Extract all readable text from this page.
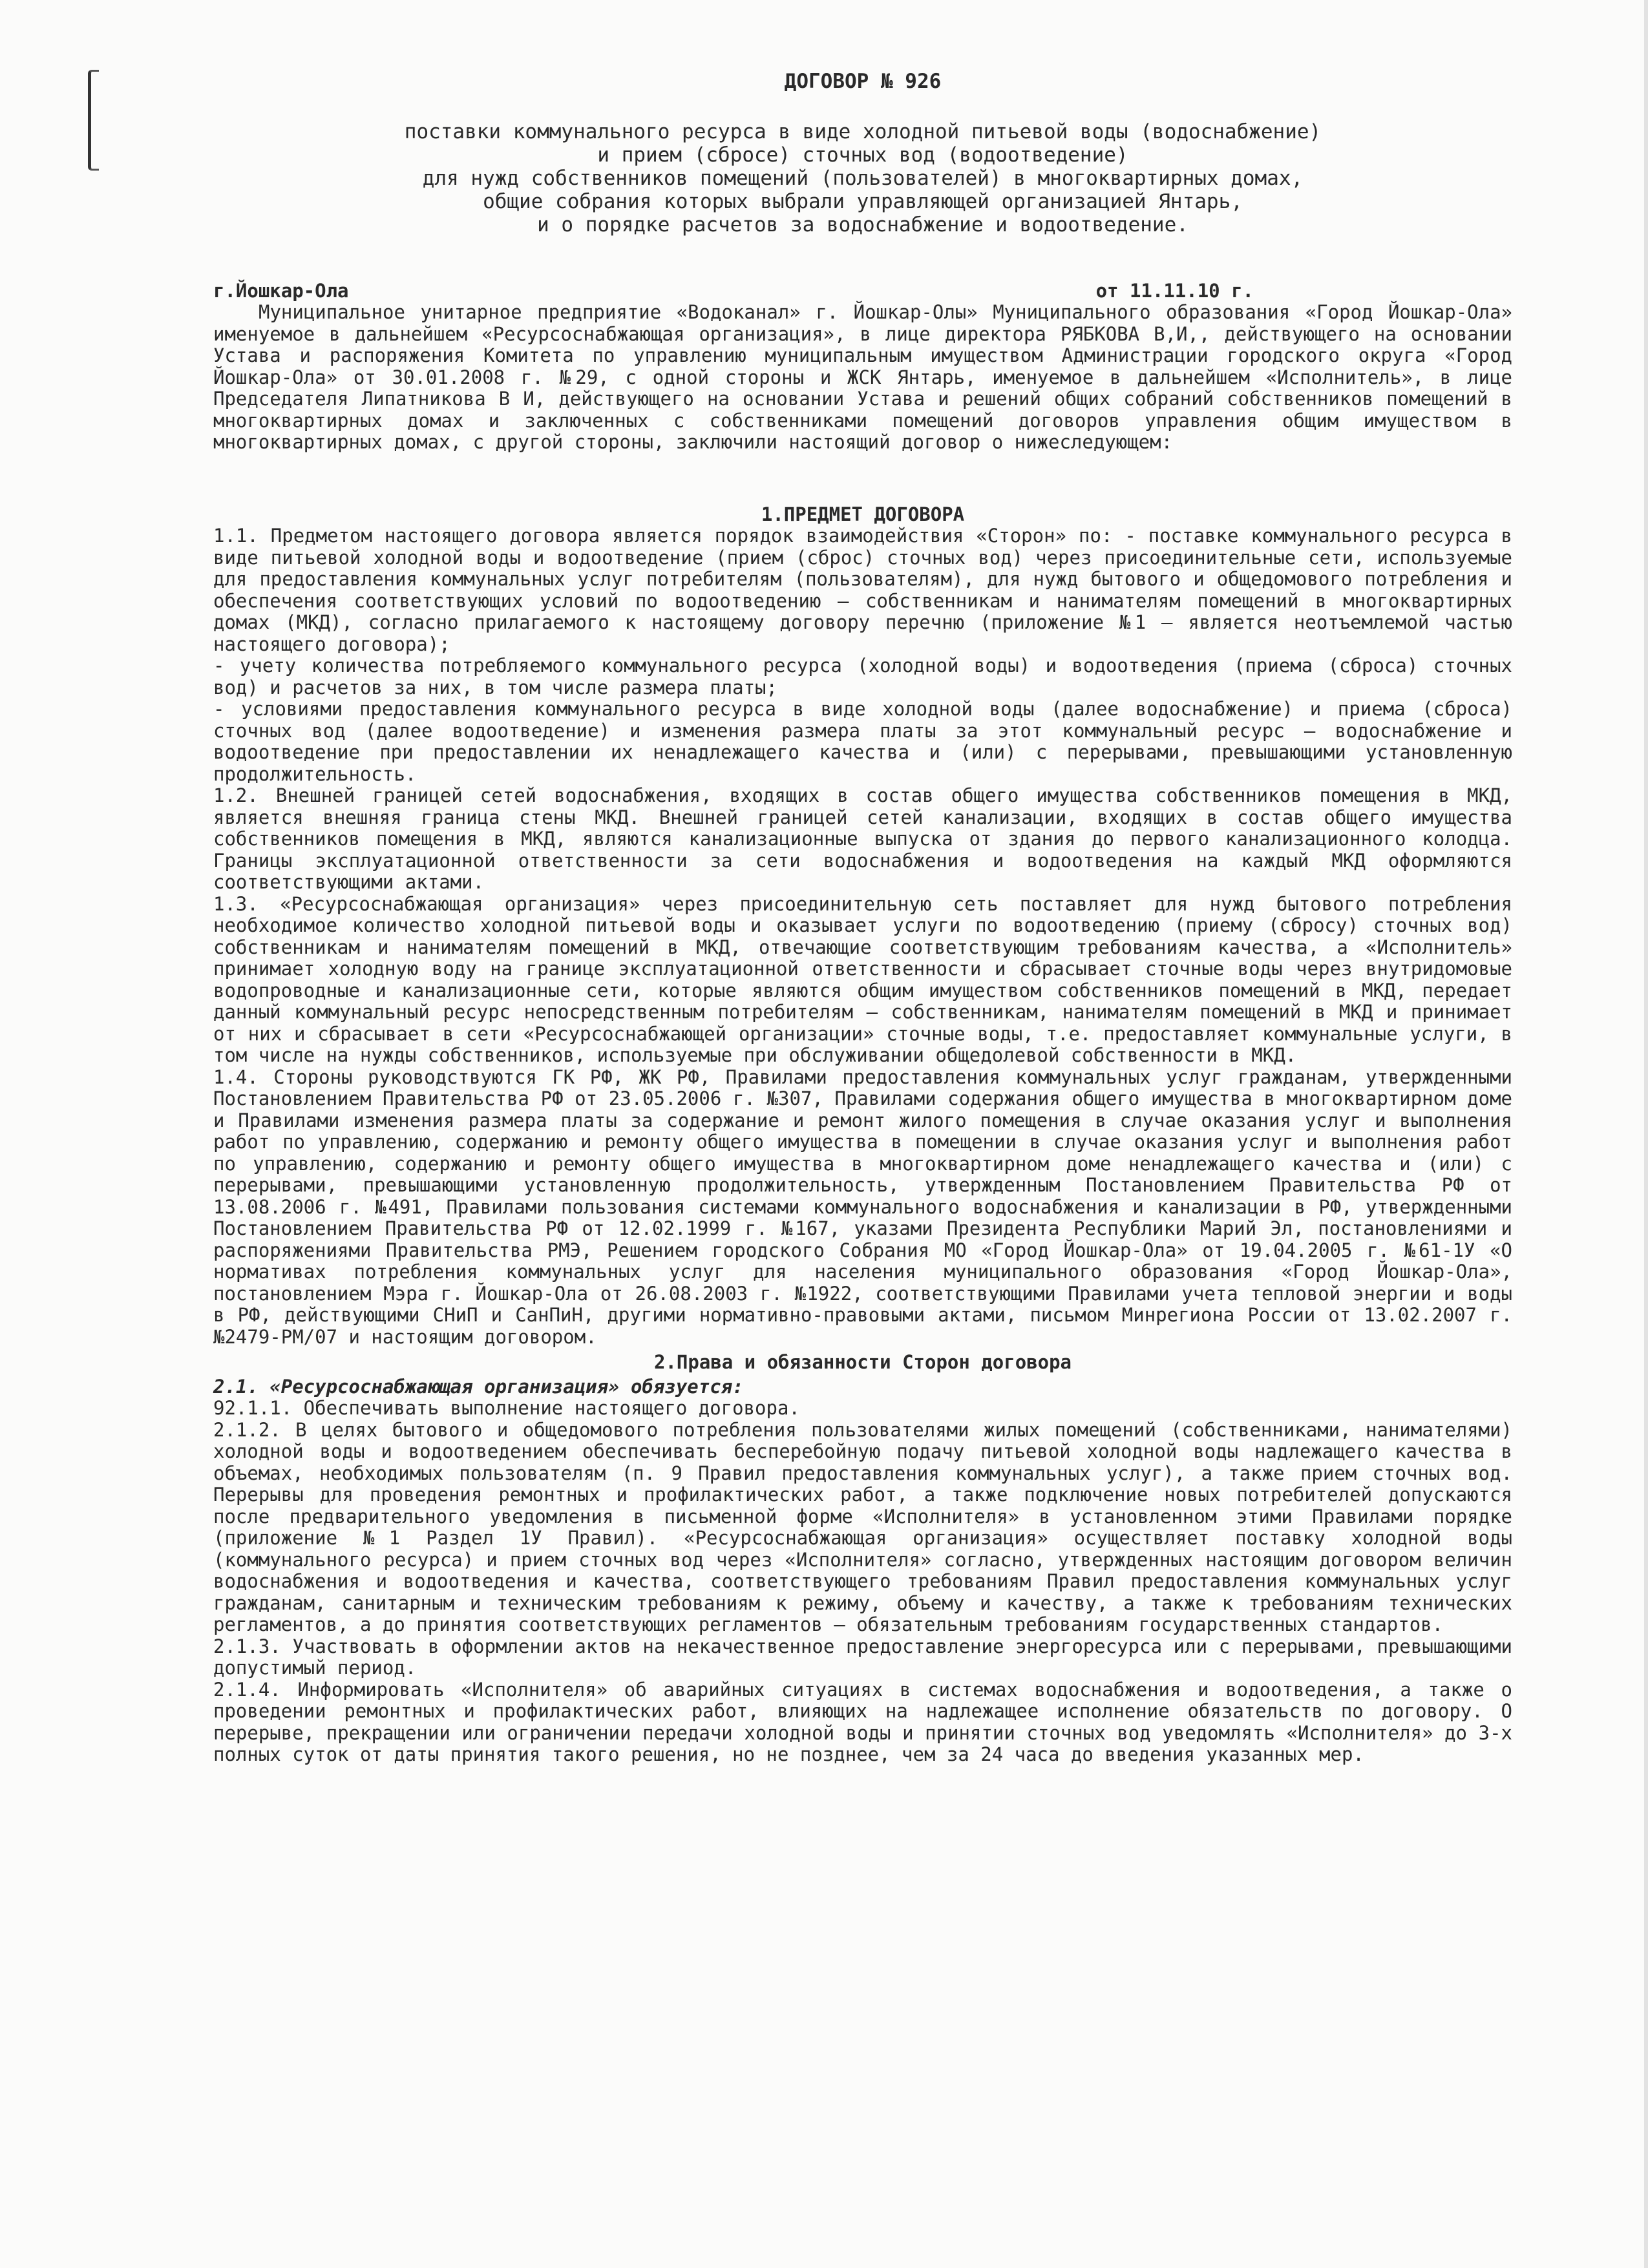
ДОГОВОР № 926
поставки коммунального ресурса в виде холодной питьевой воды (водоснабжение)
и прием (сбросе) сточных вод (водоотведение)
для нужд собственников помещений (пользователей) в многоквартирных домах,
общие собрания которых выбрали управляющей организацией Янтарь,
и о порядке расчетов за водоснабжение и водоотведение.
г.Йошкар-Ола	от 11.11.10 г.

Муниципальное унитарное предприятие «Водоканал» г. Йошкар-Олы» Муниципального образования «Город Йошкар-Ола» именуемое в дальнейшем «Ресурсоснабжающая организация», в лице директора РЯБКОВА В,И,, действующего на основании Устава и распоряжения Комитета по управлению муниципальным имуществом Администрации городского округа «Город Йошкар-Ола» от 30.01.2008 г. №29, с одной стороны и ЖСК Янтарь, именуемое в дальнейшем «Исполнитель», в лице Председателя Липатникова В И, действующего на основании Устава и решений общих собраний собственников помещений в многоквартирных домах и заключенных с собственниками помещений договоров управления общим имуществом в многоквартирных домах, с другой стороны, заключили настоящий договор о нижеследующем:

1.ПРЕДМЕТ ДОГОВОРА

1.1. Предметом настоящего договора является порядок взаимодействия «Сторон» по: - поставке коммунального ресурса в виде питьевой холодной воды и водоотведение (прием (сброс) сточных вод) через присоединительные сети, используемые для предоставления коммунальных услуг потребителям (пользователям), для нужд бытового и общедомового потребления и обеспечения соответствующих условий по водоотведению – собственникам и нанимателям помещений в многоквартирных домах (МКД), согласно прилагаемого к настоящему договору перечню (приложение №1 – является неотъемлемой частью настоящего договора);

- учету количества потребляемого коммунального ресурса (холодной воды) и водоотведения (приема (сброса) сточных вод) и расчетов за них, в том числе размера платы;

- условиями предоставления коммунального ресурса в виде холодной воды (далее водоснабжение) и приема (сброса) сточных вод (далее водоотведение) и изменения размера платы за этот коммунальный ресурс – водоснабжение и водоотведение при предоставлении их ненадлежащего качества и (или) с перерывами, превышающими установленную продолжительность.

1.2. Внешней границей сетей водоснабжения, входящих в состав общего имущества собственников помещения в МКД, является внешняя граница стены МКД. Внешней границей сетей канализации, входящих в состав общего имущества собственников помещения в МКД, являются канализационные выпуска от здания до первого канализационного колодца. Границы эксплуатационной ответственности за сети водоснабжения и водоотведения на каждый МКД оформляются соответствующими актами.

1.3. «Ресурсоснабжающая организация» через присоединительную сеть поставляет для нужд бытового потребления необходимое количество холодной питьевой воды и оказывает услуги по водоотведению (приему (сбросу) сточных вод) собственникам и нанимателям помещений в МКД, отвечающие соответствующим требованиям качества, а «Исполнитель» принимает холодную воду на границе эксплуатационной ответственности и сбрасывает сточные воды через внутридомовые водопроводные и канализационные сети, которые являются общим имуществом собственников помещений в МКД, передает данный коммунальный ресурс непосредственным потребителям – собственникам, нанимателям помещений в МКД и принимает от них и сбрасывает в сети «Ресурсоснабжающей организации» сточные воды, т.е. предоставляет коммунальные услуги, в том числе на нужды собственников, используемые при обслуживании общедолевой собственности в МКД.

1.4. Стороны руководствуются ГК РФ, ЖК РФ, Правилами предоставления коммунальных услуг гражданам, утвержденными Постановлением Правительства РФ от 23.05.2006 г. №307, Правилами содержания общего имущества в многоквартирном доме и Правилами изменения размера платы за содержание и ремонт жилого помещения в случае оказания услуг и выполнения работ по управлению, содержанию и ремонту общего имущества в помещении в случае оказания услуг и выполнения работ по управлению, содержанию и ремонту общего имущества в многоквартирном доме ненадлежащего качества и (или) с перерывами, превышающими установленную продолжительность, утвержденным Постановлением Правительства РФ от 13.08.2006 г. №491, Правилами пользования системами коммунального водоснабжения и канализации в РФ, утвержденными Постановлением Правительства РФ от 12.02.1999 г. №167, указами Президента Республики Марий Эл, постановлениями и распоряжениями Правительства РМЭ, Решением городского Собрания МО «Город Йошкар-Ола» от 19.04.2005 г. №61-1У «О нормативах потребления коммунальных услуг для населения муниципального образования «Город Йошкар-Ола», постановлением Мэра г. Йошкар-Ола от 26.08.2003 г. №1922, соответствующими Правилами учета тепловой энергии и воды в РФ, действующими СНиП и СанПиН, другими нормативно-правовыми актами, письмом Минрегиона России от 13.02.2007 г. №2479-РМ/07 и настоящим договором.

2.Права и обязанности Сторон договора
2.1. «Ресурсоснабжающая организация» обязуется:

92.1.1. Обеспечивать выполнение настоящего договора.

2.1.2. В целях бытового и общедомового потребления пользователями жилых помещений (собственниками, нанимателями) холодной воды и водоотведением обеспечивать бесперебойную подачу питьевой холодной воды надлежащего качества в объемах, необходимых пользователям (п. 9 Правил предоставления коммунальных услуг), а также прием сточных вод. Перерывы для проведения ремонтных и профилактических работ, а также подключение новых потребителей допускаются после предварительного уведомления в письменной форме «Исполнителя» в установленном этими Правилами порядке (приложение №1 Раздел 1У Правил). «Ресурсоснабжающая организация» осуществляет поставку холодной воды (коммунального ресурса) и прием сточных вод через «Исполнителя» согласно, утвержденных настоящим договором величин водоснабжения и водоотведения и качества, соответствующего требованиям Правил предоставления коммунальных услуг гражданам, санитарным и техническим требованиям к режиму, объему и качеству, а также к требованиям технических регламентов, а до принятия соответствующих регламентов – обязательным требованиям государственных стандартов.

2.1.3. Участвовать в оформлении актов на некачественное предоставление энергоресурса или с перерывами, превышающими допустимый период.

2.1.4. Информировать «Исполнителя» об аварийных ситуациях в системах водоснабжения и водоотведения, а также о проведении ремонтных и профилактических работ, влияющих на надлежащее исполнение обязательств по договору. О перерыве, прекращении или ограничении передачи холодной воды и принятии сточных вод уведомлять «Исполнителя» до 3-х полных суток от даты принятия такого решения, но не позднее, чем за 24 часа до введения указанных мер.
